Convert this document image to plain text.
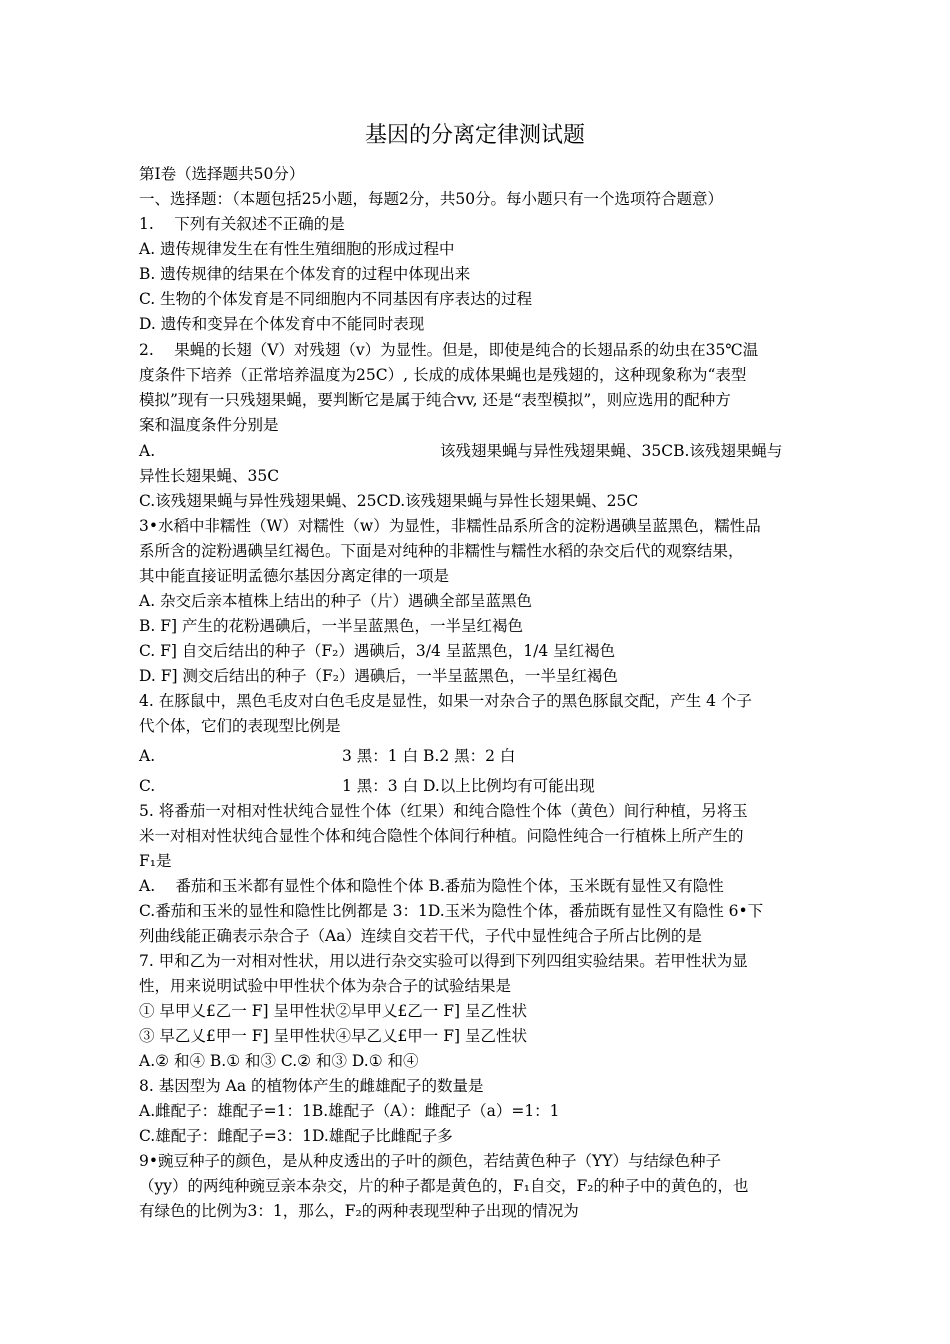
基因的分离定律测试题
第Ⅰ卷（选择题共50分）
一、选择题：（本题包括25小题，每题2分，共50分。每小题只有一个选项符合题意）
1.　 下列有关叙述不正确的是
A. 遗传规律发生在有性生殖细胞的形成过程中
B. 遗传规律的结果在个体发育的过程中体现出来
C. 生物的个体发育是不同细胞内不同基因有序表达的过程
D. 遗传和变异在个体发育中不能同时表现
2.　 果蝇的长翅（V）对残翅（v）为显性。但是，即使是纯合的长翅品系的幼虫在35℃温
度条件下培养（正常培养温度为25C）, 长成的成体果蝇也是残翅的，这种现象称为“表型
模拟”现有一只残翅果蝇，要判断它是属于纯合vv, 还是“表型模拟”，则应选用的配种方
案和温度条件分别是
A.	该残翅果蝇与异性残翅果蝇、35CB.该残翅果蝇与
异性长翅果蝇、35C
C.该残翅果蝇与异性残翅果蝇、25CD.该残翅果蝇与异性长翅果蝇、25C
3•水稻中非糯性（W）对糯性（w）为显性，非糯性品系所含的淀粉遇碘呈蓝黑色，糯性品
系所含的淀粉遇碘呈红褐色。下面是对纯种的非糯性与糯性水稻的杂交后代的观察结果，
其中能直接证明孟德尔基因分离定律的一项是
A. 杂交后亲本植株上结出的种子（片）遇碘全部呈蓝黑色
B. F] 产生的花粉遇碘后，一半呈蓝黑色，一半呈红褐色
C. F] 自交后结出的种子（F₂）遇碘后，3/4 呈蓝黑色，1/4 呈红褐色
D. F] 测交后结出的种子（F₂）遇碘后，一半呈蓝黑色，一半呈红褐色
4. 在豚鼠中，黑色毛皮对白色毛皮是显性，如果一对杂合子的黑色豚鼠交配，产生 4 个子
代个体，它们的表现型比例是
A.	3 黑：1 白 B.2 黑：2 白
C.	1 黑：3 白 D.以上比例均有可能出现
5. 将番茄一对相对性状纯合显性个体（红果）和纯合隐性个体（黄色）间行种植，另将玉
米一对相对性状纯合显性个体和纯合隐性个体间行种植。问隐性纯合一行植株上所产生的
F₁是
A.　 番茄和玉米都有显性个体和隐性个体 B.番茄为隐性个体，玉米既有显性又有隐性
C.番茄和玉米的显性和隐性比例都是 3：1D.玉米为隐性个体，番茄既有显性又有隐性 6•下
列曲线能正确表示杂合子（Aa）连续自交若干代，子代中显性纯合子所占比例的是
7. 甲和乙为一对相对性状，用以进行杂交实验可以得到下列四组实验结果。若甲性状为显
性，用来说明试验中甲性状个体为杂合子的试验结果是
① 早甲乂£乙一 F] 呈甲性状②早甲乂£乙一 F] 呈乙性状
③ 早乙乂£甲一 F] 呈甲性状④早乙乂£甲一 F] 呈乙性状
A.② 和④ B.① 和③ C.② 和③ D.① 和④
8. 基因型为 Aa 的植物体产生的雌雄配子的数量是
A.雌配子：雄配子=1：1B.雄配子（A）：雌配子（a）=1：1
C.雄配子：雌配子=3：1D.雄配子比雌配子多
9•豌豆种子的颜色，是从种皮透出的子叶的颜色，若结黄色种子（YY）与结绿色种子
（yy）的两纯种豌豆亲本杂交，片的种子都是黄色的，F₁自交，F₂的种子中的黄色的，也
有绿色的比例为3：1，那么，F₂的两种表现型种子出现的情况为
